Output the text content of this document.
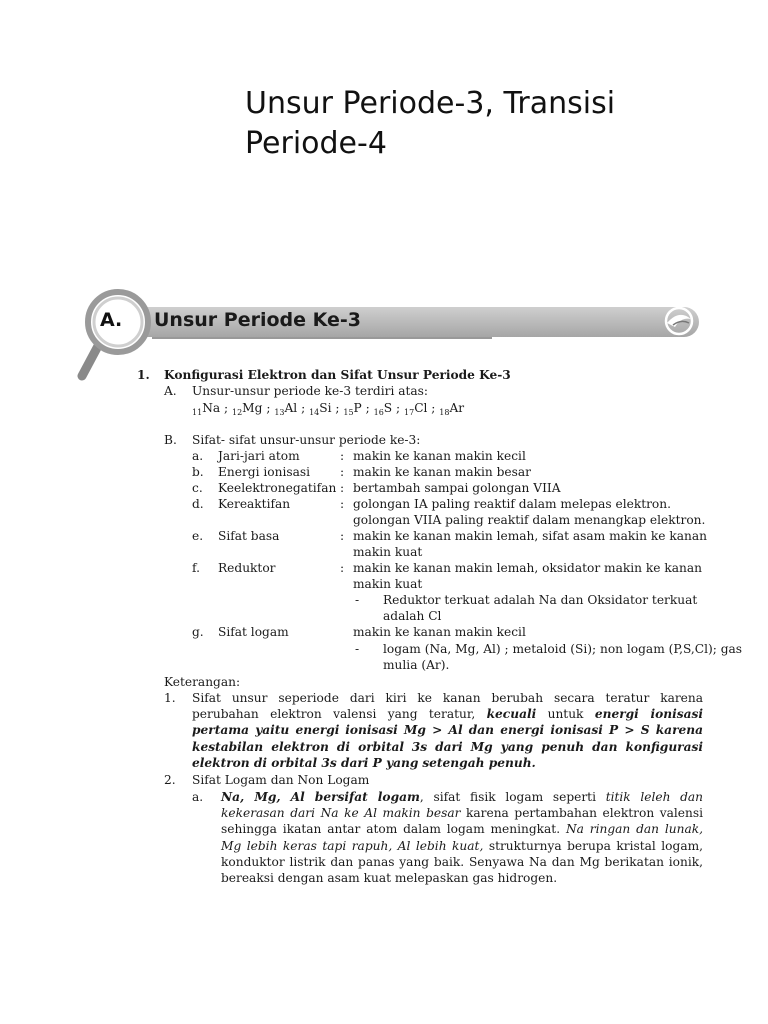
Unsur Periode-3, Transisi
Periode-4
Unsur Periode Ke-3
A.
1. Konfigurasi Elektron dan Sifat Unsur Periode Ke-3
A. Unsur-unsur periode ke-3 terdiri atas:
$_{11}$Na ; $_{12}$Mg ; $_{13}$Al ; $_{14}$Si ; $_{15}$P ; $_{16}$S ; $_{17}$Cl ; $_{18}$Ar
B. Sifat- sifat unsur-unsur periode ke-3:
a. Jari-jari atom	: makin ke kanan makin kecil
b. Energi ionisasi : makin ke kanan makin besar
c. Keelektronegatifan : bertambah sampai golongan VIIA
d. Kereaktifan	: golongan IA paling reaktif dalam melepas elektron.
golongan VIIA paling reaktif dalam menangkap elektron.
e. Sifat basa	: makin ke kanan makin lemah, sifat asam makin ke kanan
makin kuat
f. Reduktor	: makin ke kanan makin lemah, oksidator makin ke kanan
makin kuat
- Reduktor terkuat adalah Na dan Oksidator terkuat
adalah Cl
g. Sifat logam	makin ke kanan makin kecil
- logam (Na, Mg, Al) ; metaloid (Si); non logam (P,S,Cl); gas
mulia (Ar).
Keterangan:
1. Sifat unsur seperiode dari kiri ke kanan berubah secara teratur karena perubahan elektron valensi yang teratur, kecuali untuk energi ionisasi pertama yaitu energi ionisasi Mg > Al dan energi ionisasi P > S karena kestabilan elektron di orbital 3s dari Mg yang penuh dan konfigurasi elektron di orbital 3s dari P yang setengah penuh.
2. Sifat Logam dan Non Logam
a. Na, Mg, Al bersifat logam, sifat fisik logam seperti titik leleh dan kekerasan dari Na ke Al makin besar karena pertambahan elektron valensi sehingga ikatan antar atom dalam logam meningkat. Na ringan dan lunak, Mg lebih keras tapi rapuh, Al lebih kuat, strukturnya berupa kristal logam, konduktor listrik dan panas yang baik. Senyawa Na dan Mg berikatan ionik, bereaksi dengan asam kuat melepaskan gas hidrogen.
